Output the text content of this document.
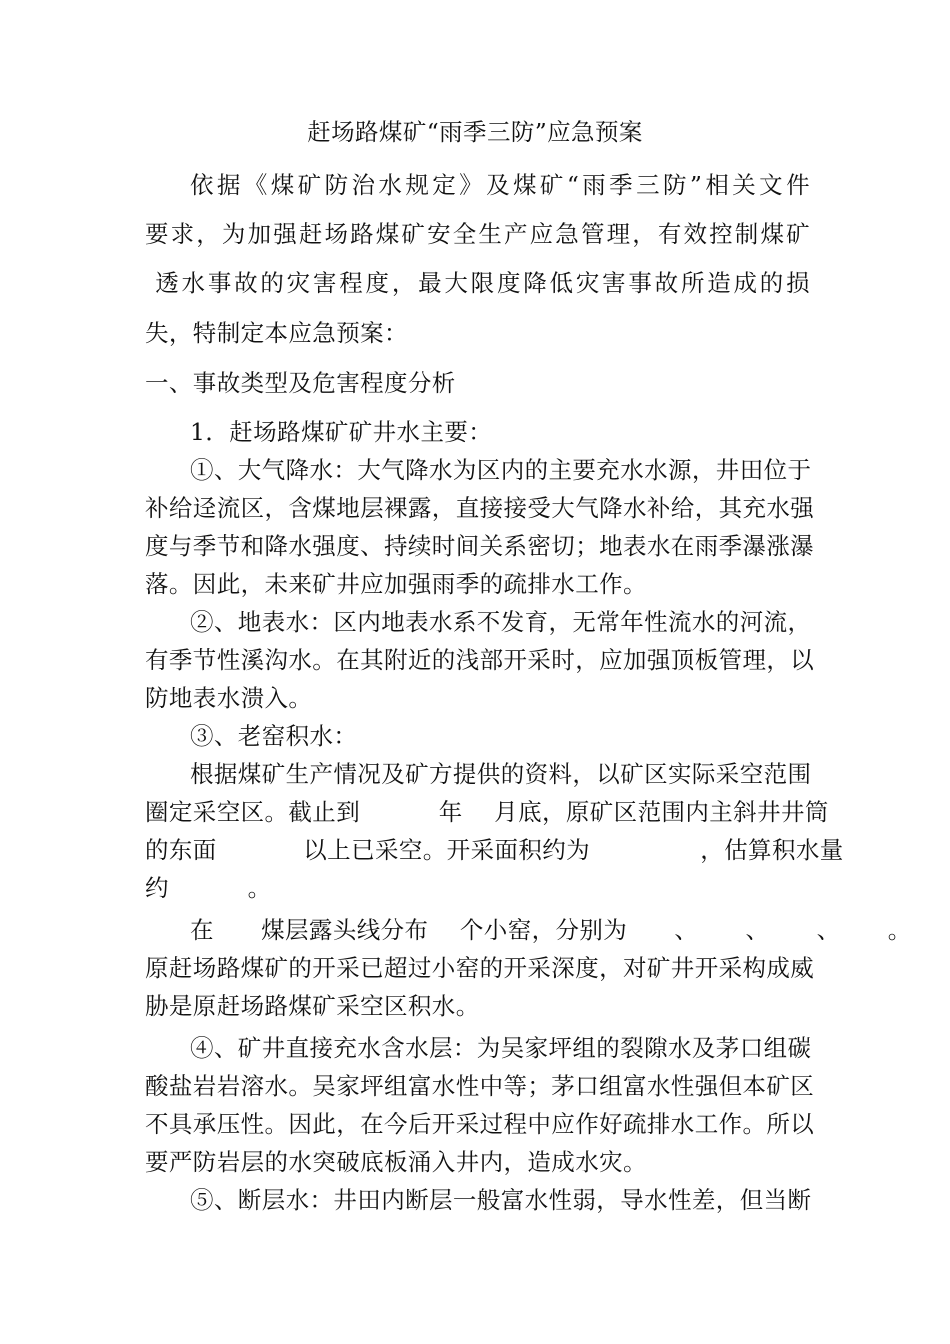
赶场路煤矿“雨季三防”应急预案
依据《煤矿防治水规定》及煤矿“雨季三防”相关文件
要求，为加强赶场路煤矿安全生产应急管理，有效控制煤矿
透水事故的灾害程度，最大限度降低灾害事故所造成的损
失，特制定本应急预案：
一、事故类型及危害程度分析
1．赶场路煤矿矿井水主要：
①、大气降水：大气降水为区内的主要充水水源，井田位于
补给迳流区，含煤地层裸露，直接接受大气降水补给，其充水强
度与季节和降水强度、持续时间关系密切；地表水在雨季瀑涨瀑
落。因此，未来矿井应加强雨季的疏排水工作。
②、地表水：区内地表水系不发育，无常年性流水的河流，
有季节性溪沟水。在其附近的浅部开采时，应加强顶板管理，以
防地表水溃入。
③、老窑积水：
根据煤矿生产情况及矿方提供的资料，以矿区实际采空范围
圈定采空区。截止到          年    月底，原矿区范围内主斜井井筒
的东面           以上已采空。开采面积约为              ，估算积水量
约          。
在      煤层露头线分布    个小窑，分别为      、      、      、      。
原赶场路煤矿的开采已超过小窑的开采深度，对矿井开采构成威
胁是原赶场路煤矿采空区积水。
④、矿井直接充水含水层：为吴家坪组的裂隙水及茅口组碳
酸盐岩岩溶水。吴家坪组富水性中等；茅口组富水性强但本矿区
不具承压性。因此，在今后开采过程中应作好疏排水工作。所以
要严防岩层的水突破底板涌入井内，造成水灾。
⑤、断层水：井田内断层一般富水性弱，导水性差，但当断
